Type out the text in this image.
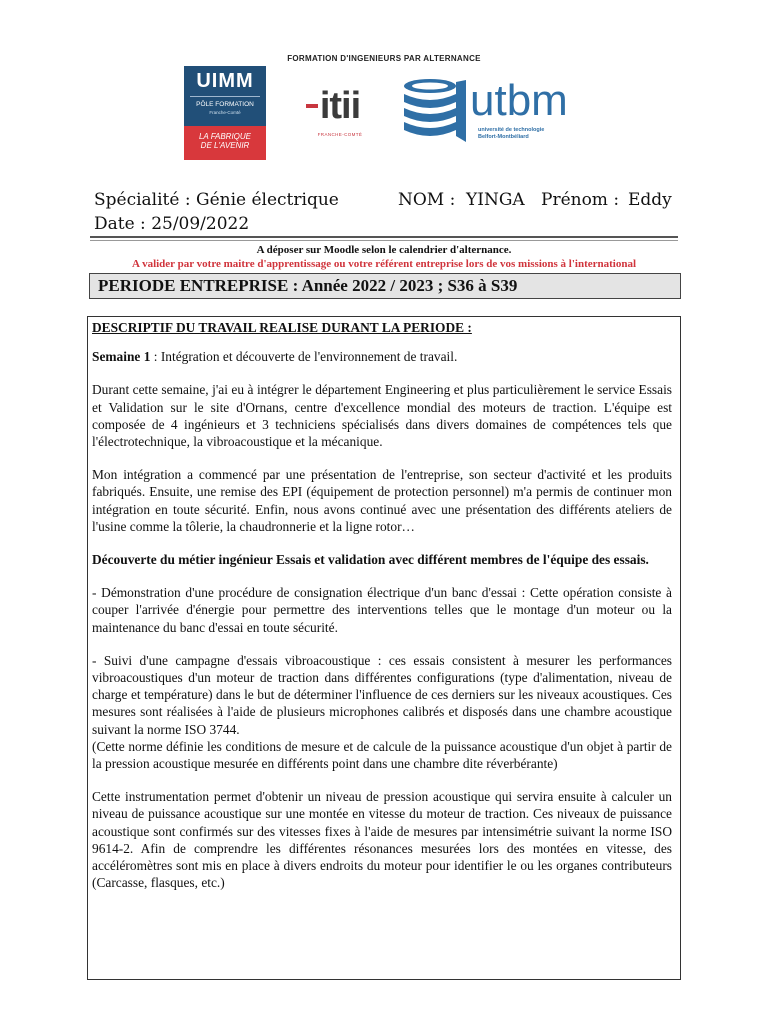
FORMATION D'INGENIEURS PAR ALTERNANCE
UIMM
PÔLE FORMATION
Franche-Comté
LA FABRIQUE
DE L'AVENIR
itii
FRANCHE-COMTÉ
utbm
université de technologie
Belfort-Montbéliard
Spécialité : Génie électrique
Date : 25/09/2022
NOM : YINGA Prénom : Eddy
A déposer sur Moodle selon le calendrier d'alternance.
A valider par votre maitre d'apprentissage ou votre référent entreprise lors de vos missions à l'international
PERIODE ENTREPRISE : Année 2022 / 2023 ; S36 à S39

DESCRIPTIF DU TRAVAIL REALISE DURANT LA PERIODE :

Semaine 1 : Intégration et découverte de l'environnement de travail.

Durant cette semaine, j'ai eu à intégrer le département Engineering et plus particulièrement le service Essais et Validation sur le site d'Ornans, centre d'excellence mondial des moteurs de traction. L'équipe est composée de 4 ingénieurs et 3 techniciens spécialisés dans divers domaines de compétences tels que l'électrotechnique, la vibroacoustique et la mécanique.

Mon intégration a commencé par une présentation de l'entreprise, son secteur d'activité et les produits fabriqués. Ensuite, une remise des EPI (équipement de protection personnel) m'a permis de continuer mon intégration en toute sécurité. Enfin, nous avons continué avec une présentation des différents ateliers de l'usine comme la tôlerie, la chaudronnerie et la ligne rotor…

Découverte du métier ingénieur Essais et validation avec différent membres de l'équipe des essais.

- Démonstration d'une procédure de consignation électrique d'un banc d'essai : Cette opération consiste à couper l'arrivée d'énergie pour permettre des interventions telles que le montage d'un moteur ou la maintenance du banc d'essai en toute sécurité.

- Suivi d'une campagne d'essais vibroacoustique : ces essais consistent à mesurer les performances vibroacoustiques d'un moteur de traction dans différentes configurations (type d'alimentation, niveau de charge et température) dans le but de déterminer l'influence de ces derniers sur les niveaux acoustiques. Ces mesures sont réalisées à l'aide de plusieurs microphones calibrés et disposés dans une chambre acoustique suivant la norme ISO 3744.

(Cette norme définie les conditions de mesure et de calcule de la puissance acoustique d'un objet à partir de la pression acoustique mesurée en différents point dans une chambre dite réverbérante)

Cette instrumentation permet d'obtenir un niveau de pression acoustique qui servira ensuite à calculer un niveau de puissance acoustique sur une montée en vitesse du moteur de traction. Ces niveaux de puissance acoustique sont confirmés sur des vitesses fixes à l'aide de mesures par intensimétrie suivant la norme ISO 9614-2. Afin de comprendre les différentes résonances mesurées lors des montées en vitesse, des accéléromètres sont mis en place à divers endroits du moteur pour identifier le ou les organes contributeurs (Carcasse, flasques, etc.)
